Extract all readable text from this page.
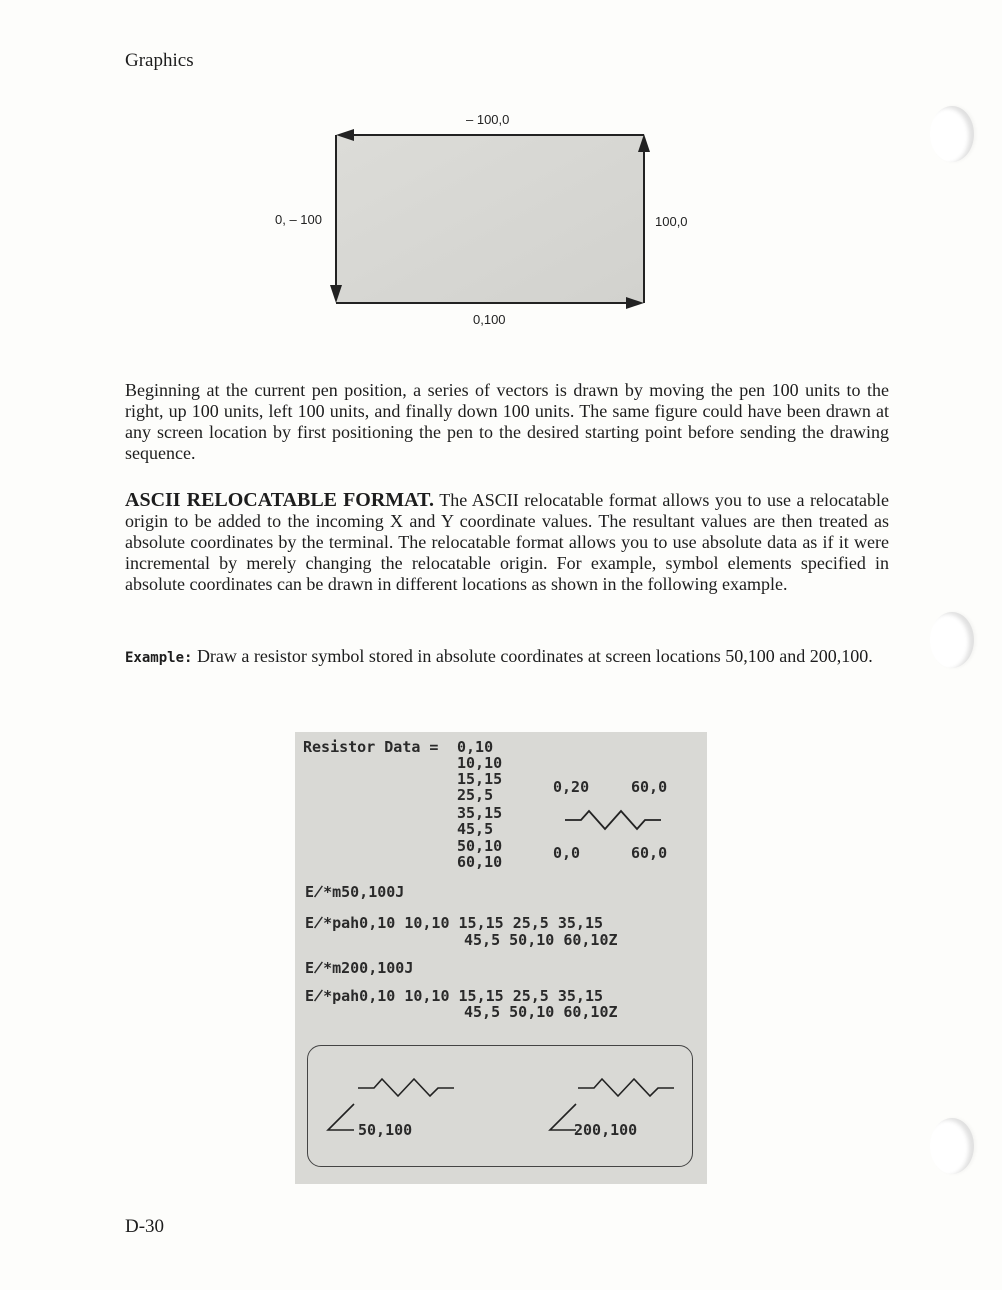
Graphics
– 100,0
0, – 100	100,0
0,100

Beginning at the current pen position, a series of vectors is drawn by moving the pen 100 units to the right, up 100 units, left 100 units, and finally down 100 units. The same figure could have been drawn at any screen location by first positioning the pen to the desired starting point before sending the drawing sequence.

ASCII RELOCATABLE FORMAT. The ASCII relocatable format allows you to use a relocatable origin to be added to the incoming X and Y coordinate values. The resultant values are then treated as absolute coordinates by the terminal. The relocatable format allows you to use absolute data as if it were incremental by merely changing the relocatable origin. For example, symbol elements specified in absolute coordinates can be drawn in different locations as shown in the following example.

Example: Draw a resistor symbol stored in absolute coordinates at screen locations 50,100 and 200,100.

Resistor Data = 0,10
10,10
15,15
25,5
35,15
45,5
50,10
60,10
0,20	60,0
0,0	60,0
E̸*m50,100J
E̸*pah0,10 10,10 15,15 25,5 35,15
45,5 50,10 60,10Z
E̸*m200,100J
E̸*pah0,10 10,10 15,15 25,5 35,15
45,5 50,10 60,10Z
50,100	200,100
D-30
